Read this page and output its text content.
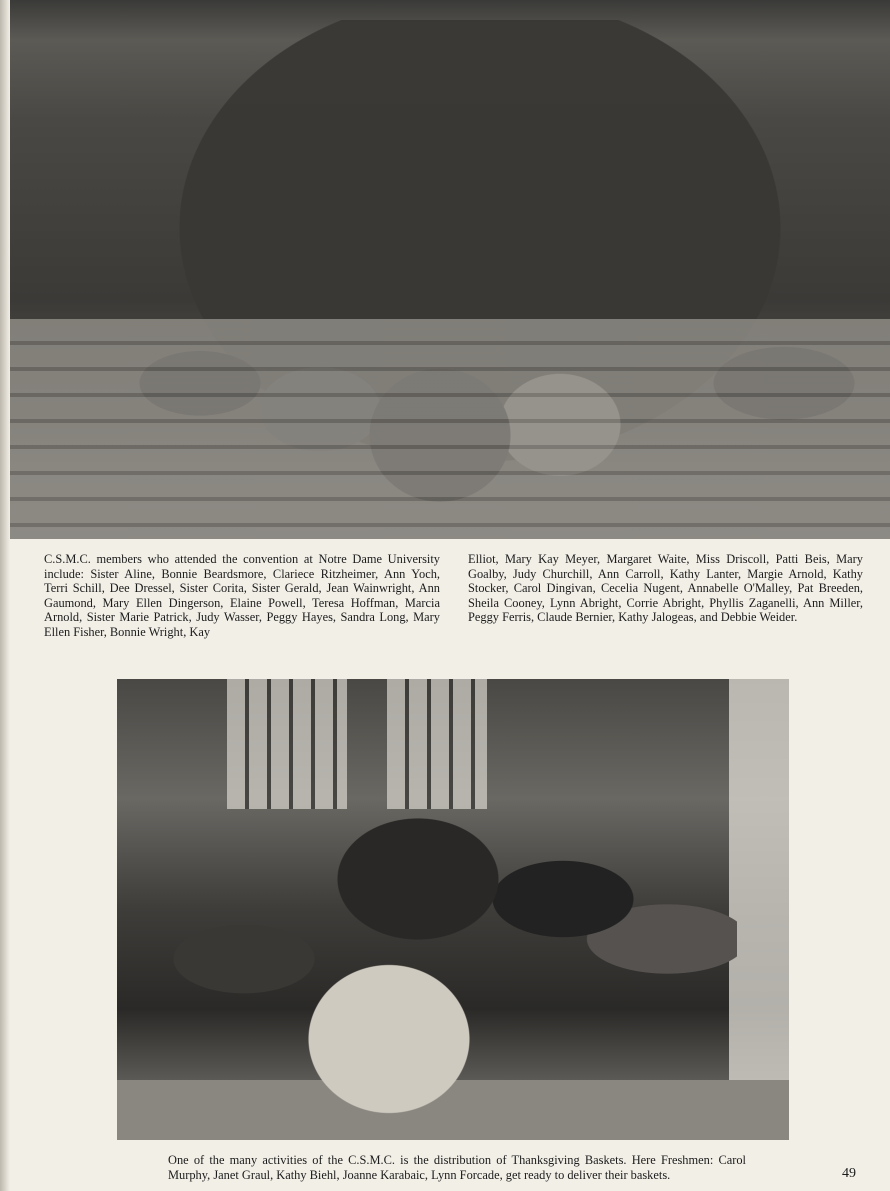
C.S.M.C. members who attended the convention at Notre Dame University include: Sister Aline, Bonnie Beardsmore, Clariece Ritzheimer, Ann Yoch, Terri Schill, Dee Dressel, Sister Corita, Sister Gerald, Jean Wainwright, Ann Gaumond, Mary Ellen Dingerson, Elaine Powell, Teresa Hoffman, Marcia Arnold, Sister Marie Patrick, Judy Wasser, Peggy Hayes, Sandra Long, Mary Ellen Fisher, Bonnie Wright, Kay
Elliot, Mary Kay Meyer, Margaret Waite, Miss Driscoll, Patti Beis, Mary Goalby, Judy Churchill, Ann Carroll, Kathy Lanter, Margie Arnold, Kathy Stocker, Carol Dingivan, Cecelia Nugent, Annabelle O'Malley, Pat Breeden, Sheila Cooney, Lynn Abright, Corrie Abright, Phyllis Zaganelli, Ann Miller, Peggy Ferris, Claude Bernier, Kathy Jalogeas, and Debbie Weider.
One of the many activities of the C.S.M.C. is the distribution of Thanksgiving Baskets. Here Freshmen: Carol Murphy, Janet Graul, Kathy Biehl, Joanne Karabaic, Lynn Forcade, get ready to deliver their baskets.	49
